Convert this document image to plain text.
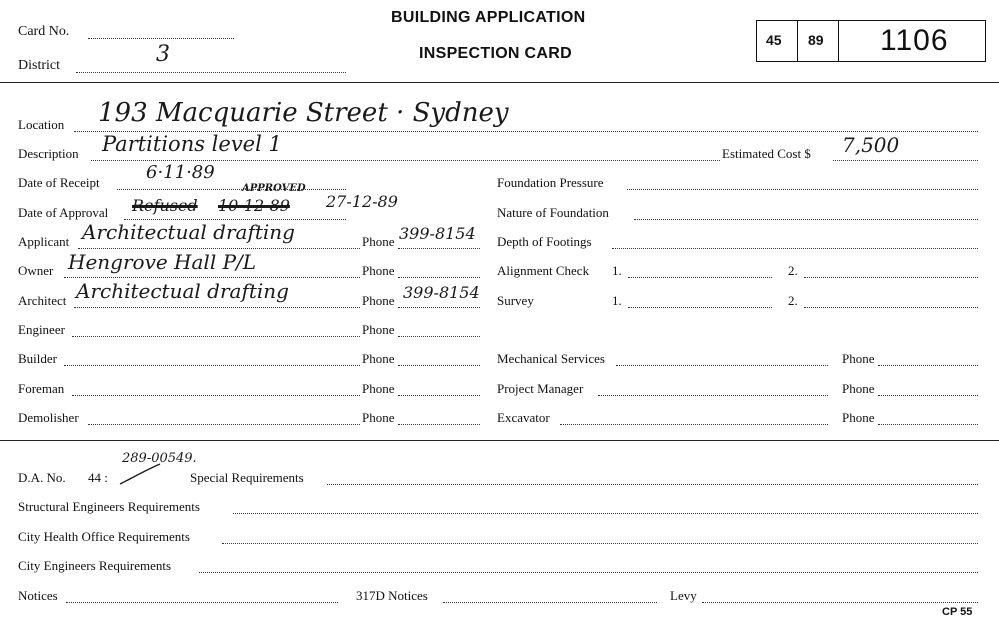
Card No.
District	3
BUILDING APPLICATION
INSPECTION CARD
45 89 1106
Location 193 Macquarie Street · Sydney
Description Partitions level 1	Estimated Cost $ 7,500
Date of Receipt	6·11·89
Date of Approval Refused 10-12-89
APPROVED
27-12-89
Applicant Architectual drafting	Phone 399-8154
Owner Hengrove Hall P/L	Phone
Architect Architectual drafting	Phone 399-8154
Engineer	Phone
Builder	Phone
Foreman	Phone
Demolisher	Phone
Foundation Pressure
Nature of Foundation
Depth of Footings
Alignment Check 1.	2.
Survey	1.	2.
Mechanical Services	Phone
Project Manager	Phone
Excavator	Phone
D.A. No. 44 :
289-00549.
Special Requirements
Structural Engineers Requirements
City Health Office Requirements
City Engineers Requirements
Notices	317D Notices	Levy
CP 55
